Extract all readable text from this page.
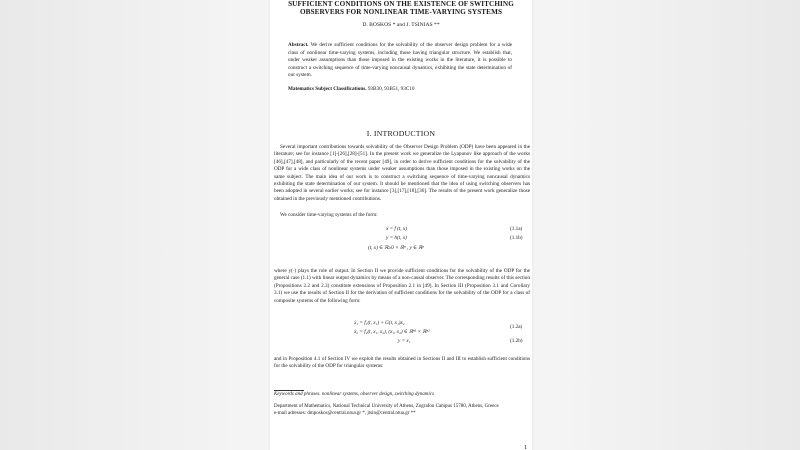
SUFFICIENT CONDITIONS ON THE EXISTENCE OF SWITCHING
OBSERVERS FOR NONLINEAR TIME-VARYING SYSTEMS
D. BOSKOS * and J. TSINIAS **
Abstract. We derive sufficient conditions for the solvability of the observer design problem for a wide class of nonlinear time-varying systems, including those having triangular structure. We establish that, under weaker assumptions than those imposed in the existing works in the literature, it is possible to construct a switching sequence of time-varying noncausal dynamics, exhibiting the state determination of our system.
Matematics Subject Classifications. 93B30, 93B51, 93C10
I. INTRODUCTION
Several important contributions towards solvability of the Observer Design Problem (ODP) have been appeared in the literature; see for instance [1]-[26],[28]-[51]. In the present work we generalize the Lyapunov like approach of the works [46],[47],[48], and particularly of the recent paper [49], in order to derive sufficient conditions for the solvability of the ODP for a wide class of nonlinear systems under weaker assumptions than those imposed in the existing works on the same subject. The main idea of our work is to construct a switching sequence of time-varying noncausal dynamics exhibiting the state determination of our system. It should be mentioned that the idea of using switching observers has been adopted in several earlier works; see for instance [3],[17],[18],[36]. The results of the present work generalize those obtained in the previously mentioned contributions.
We consider time-varying systems of the form:
ẋ = f (t, x)	(1.1a)
y = h(t, x)	(1.1b)
(t, x) ∈ ℝ≥0 × ℝⁿ , y ∈ ℝᵖ
where y(·) plays the role of output. In Section II we provide sufficient conditions for the solvability of the ODP for the general case (1.1) with linear output dynamics by means of a non-causal observer. The corresponding results of this section (Propositions 2.2 and 2.3) constitute extensions of Proposition 2.1 in [49]. In Section III (Proposition 3.1 and Corollary 3.1) we use the results of Section II for the derivation of sufficient conditions for the solvability of the ODP for a class of composite systems of the following form:
ẋ₁ = f₁(t, x₁) + G(t, x₁)x₂
(1.2a)
ẋ₂ = f₂(t, x₁, x₂), (x₁, x₂) ∈ ℝⁿ¹ × ℝⁿ²
y = x₁	(1.2b)
and in Proposition 4.1 of Section IV we exploit the results obtained in Sections II and III to establish sufficient conditions for the solvability of the ODP for triangular systems:
Keywords and phrases. nonlinear systems, observer design, switching dynamics
Department of Mathematics, National Technical University of Athens, Zografou Campus 15780, Athens, Greece
e-mail adresses: dmposkos@central.ntua.gr *, jtsin@central.ntua.gr **
1
